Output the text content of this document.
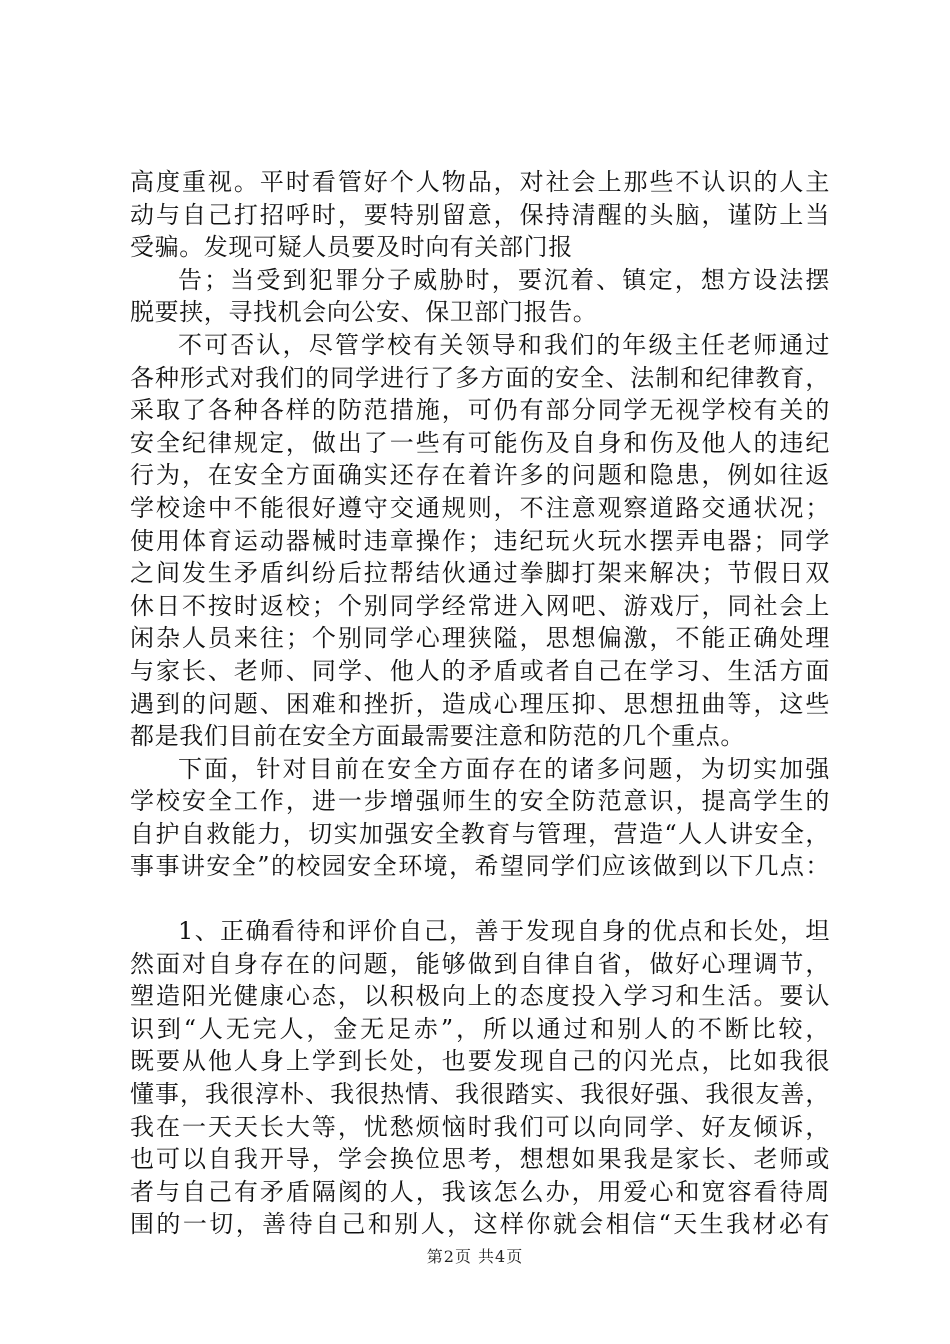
高度重视。平时看管好个人物品，对社会上那些不认识的人主
动与自己打招呼时，要特别留意，保持清醒的头脑，谨防上当
受骗。发现可疑人员要及时向有关部门报
告；当受到犯罪分子威胁时，要沉着、镇定，想方设法摆
脱要挟，寻找机会向公安、保卫部门报告。
不可否认，尽管学校有关领导和我们的年级主任老师通过
各种形式对我们的同学进行了多方面的安全、法制和纪律教育，
采取了各种各样的防范措施，可仍有部分同学无视学校有关的
安全纪律规定，做出了一些有可能伤及自身和伤及他人的违纪
行为，在安全方面确实还存在着许多的问题和隐患，例如往返
学校途中不能很好遵守交通规则，不注意观察道路交通状况；
使用体育运动器械时违章操作；违纪玩火玩水摆弄电器；同学
之间发生矛盾纠纷后拉帮结伙通过拳脚打架来解决；节假日双
休日不按时返校；个别同学经常进入网吧、游戏厅，同社会上
闲杂人员来往；个别同学心理狭隘，思想偏激，不能正确处理
与家长、老师、同学、他人的矛盾或者自己在学习、生活方面
遇到的问题、困难和挫折，造成心理压抑、思想扭曲等，这些
都是我们目前在安全方面最需要注意和防范的几个重点。
下面，针对目前在安全方面存在的诸多问题，为切实加强
学校安全工作，进一步增强师生的安全防范意识，提高学生的
自护自救能力，切实加强安全教育与管理，营造“人人讲安全，
事事讲安全”的校园安全环境，希望同学们应该做到以下几点：
1、正确看待和评价自己，善于发现自身的优点和长处，坦
然面对自身存在的问题，能够做到自律自省，做好心理调节，
塑造阳光健康心态，以积极向上的态度投入学习和生活。要认
识到“人无完人，金无足赤”，所以通过和别人的不断比较，
既要从他人身上学到长处，也要发现自己的闪光点，比如我很
懂事，我很淳朴、我很热情、我很踏实、我很好强、我很友善，
我在一天天长大等，忧愁烦恼时我们可以向同学、好友倾诉，
也可以自我开导，学会换位思考，想想如果我是家长、老师或
者与自己有矛盾隔阂的人，我该怎么办，用爱心和宽容看待周
围的一切，善待自己和别人，这样你就会相信“天生我材必有
第2页 共4页
